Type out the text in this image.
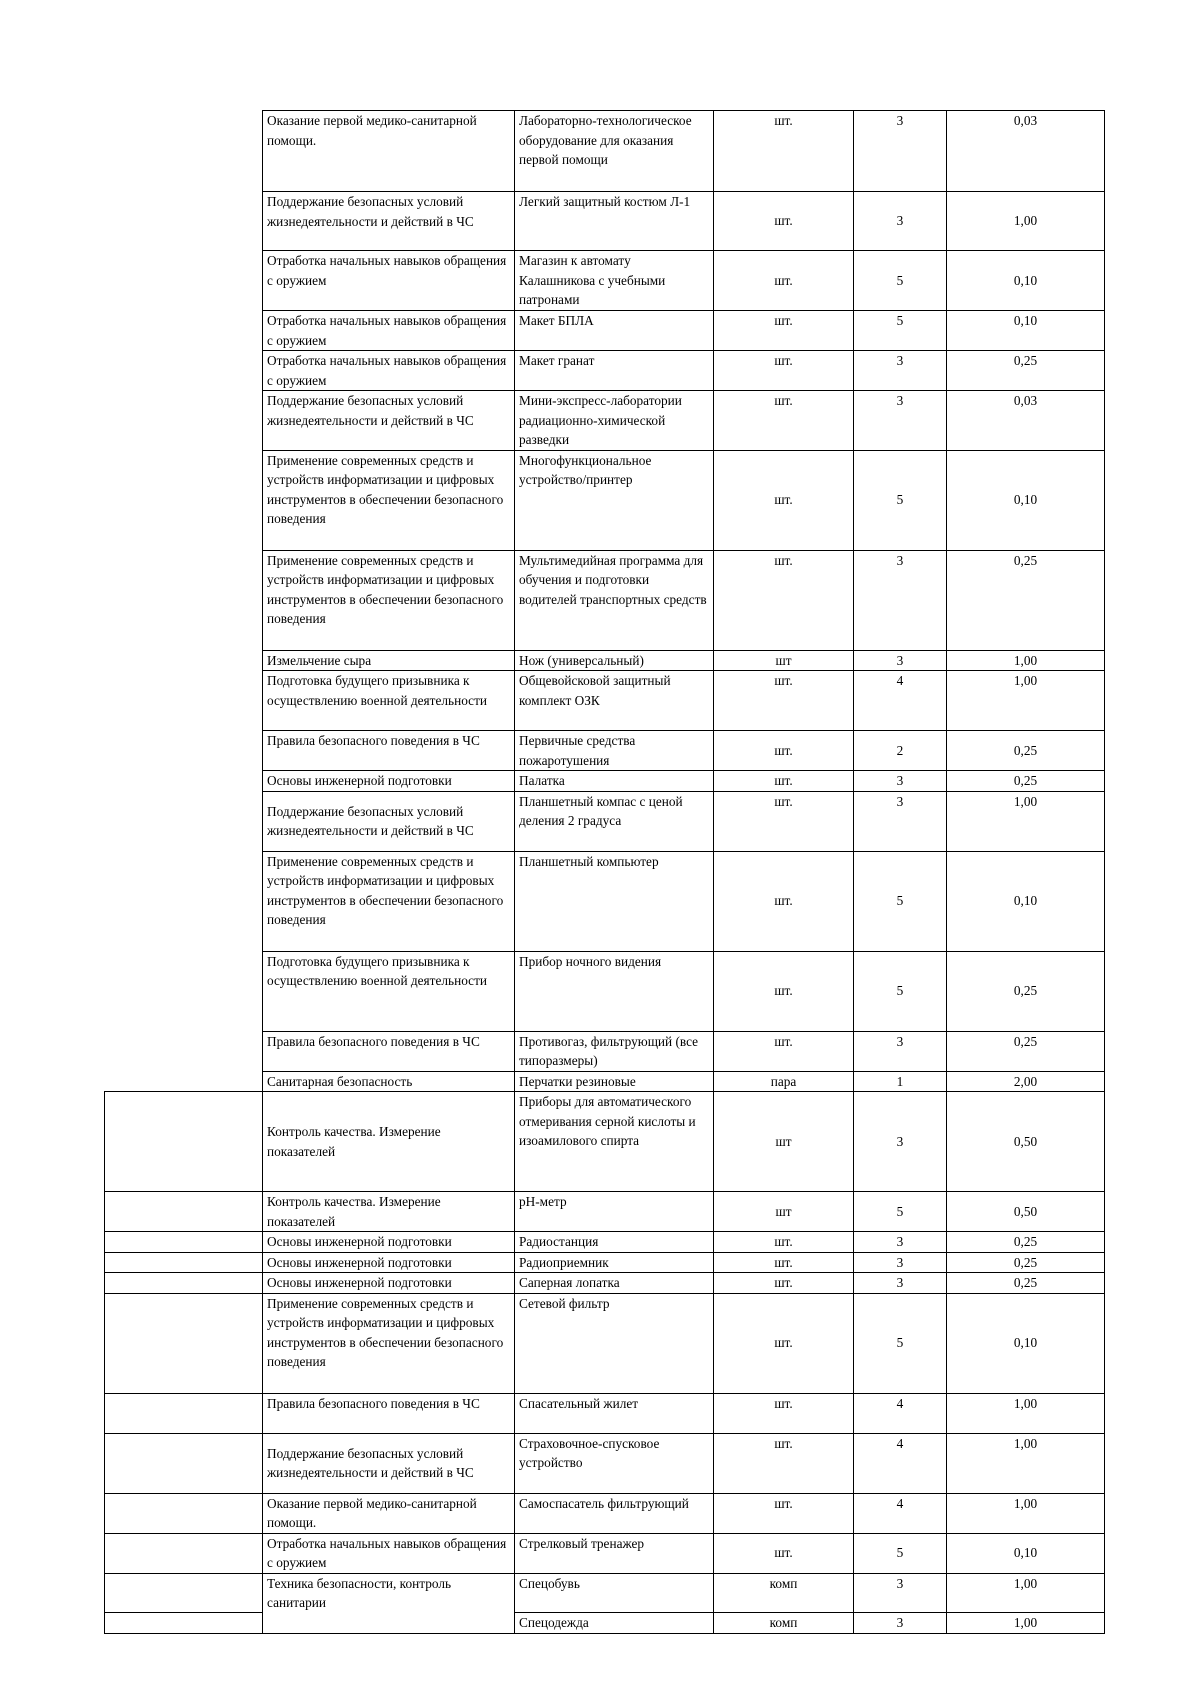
	Оказание первой медико-санитарной помощи.	Лабораторно-технологическое оборудование для оказания первой помощи	шт.	3	0,03
	Поддержание безопасных условий жизнедеятельности и действий в ЧС	Легкий защитный костюм Л-1	шт.	3	1,00
	Отработка начальных навыков обращения с оружием	Магазин к автомату Калашникова с учебными патронами	шт.	5	0,10
	Отработка начальных навыков обращения с оружием	Макет БПЛА	шт.	5	0,10
	Отработка начальных навыков обращения с оружием	Макет гранат	шт.	3	0,25
	Поддержание безопасных условий жизнедеятельности и действий в ЧС	Мини-экспресс-лаборатории радиационно-химической разведки	шт.	3	0,03
	Применение современных средств и устройств информатизации и цифровых инструментов в обеспечении безопасного поведения	Многофункциональное устройство/принтер	шт.	5	0,10
	Применение современных средств и устройств информатизации и цифровых инструментов в обеспечении безопасного поведения	Мультимедийная программа для обучения и подготовки водителей транспортных средств	шт.	3	0,25
	Измельчение сыра	Нож (универсальный)	шт	3	1,00
	Подготовка будущего призывника к осуществлению военной деятельности	Общевойсковой защитный комплект ОЗК	шт.	4	1,00
	Правила безопасного поведения в ЧС	Первичные средства пожаротушения	шт.	2	0,25
	Основы инженерной подготовки	Палатка	шт.	3	0,25
	Поддержание безопасных условий жизнедеятельности и действий в ЧС	Планшетный компас с ценой деления 2 градуса	шт.	3	1,00
	Применение современных средств и устройств информатизации и цифровых инструментов в обеспечении безопасного поведения	Планшетный компьютер	шт.	5	0,10
	Подготовка будущего призывника к осуществлению военной деятельности	Прибор ночного видения	шт.	5	0,25
	Правила безопасного поведения в ЧС	Противогаз, фильтрующий (все типоразмеры)	шт.	3	0,25
	Санитарная безопасность	Перчатки резиновые	пара	1	2,00
	Контроль качества. Измерение показателей	Приборы для автоматического отмеривания серной кислоты и изоамилового спирта	шт	3	0,50
	Контроль качества. Измерение показателей	рН-метр	шт	5	0,50
	Основы инженерной подготовки	Радиостанция	шт.	3	0,25
	Основы инженерной подготовки	Радиоприемник	шт.	3	0,25
	Основы инженерной подготовки	Саперная лопатка	шт.	3	0,25
	Применение современных средств и устройств информатизации и цифровых инструментов в обеспечении безопасного поведения	Сетевой фильтр	шт.	5	0,10
	Правила безопасного поведения в ЧС	Спасательный жилет	шт.	4	1,00
	Поддержание безопасных условий жизнедеятельности и действий в ЧС	Страховочное-спусковое устройство	шт.	4	1,00
	Оказание первой медико-санитарной помощи.	Самоспасатель фильтрующий	шт.	4	1,00
	Отработка начальных навыков обращения с оружием	Стрелковый тренажер	шт.	5	0,10
	Техника безопасности, контроль санитарии	Спецобувь	комп	3	1,00
		Спецодежда	комп	3	1,00
